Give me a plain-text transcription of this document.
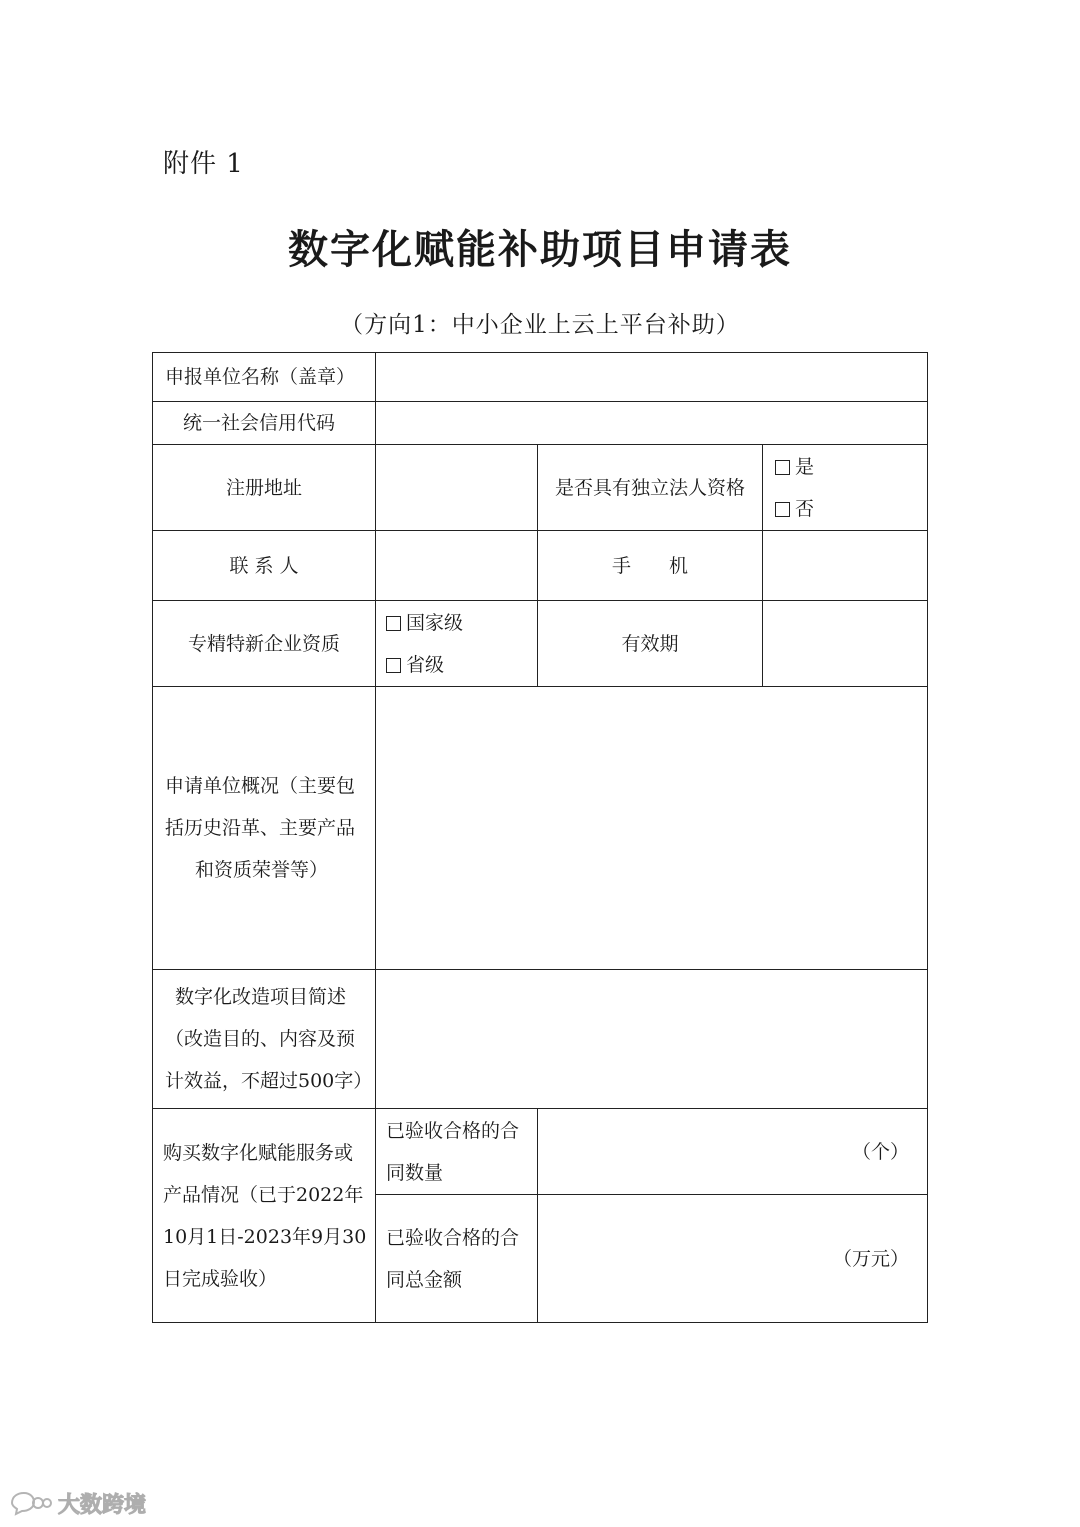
附件 1
数字化赋能补助项目申请表
（方向1：中小企业上云上平台补助）
申报单位名称（盖章）
统一社会信用代码
注册地址	是否具有独立法人资格
是
否
联 系 人	手　　机
专精特新企业资质
国家级
省级
有效期
申请单位概况（主要包
括历史沿革、主要产品
和资质荣誉等）
数字化改造项目简述
（改造目的、内容及预
计效益，不超过500字）
购买数字化赋能服务或
产品情况（已于2022年
10月1日-2023年9月30
日完成验收）
已验收合格的合
同数量
（个）
已验收合格的合
同总金额
（万元）
大数跨境
